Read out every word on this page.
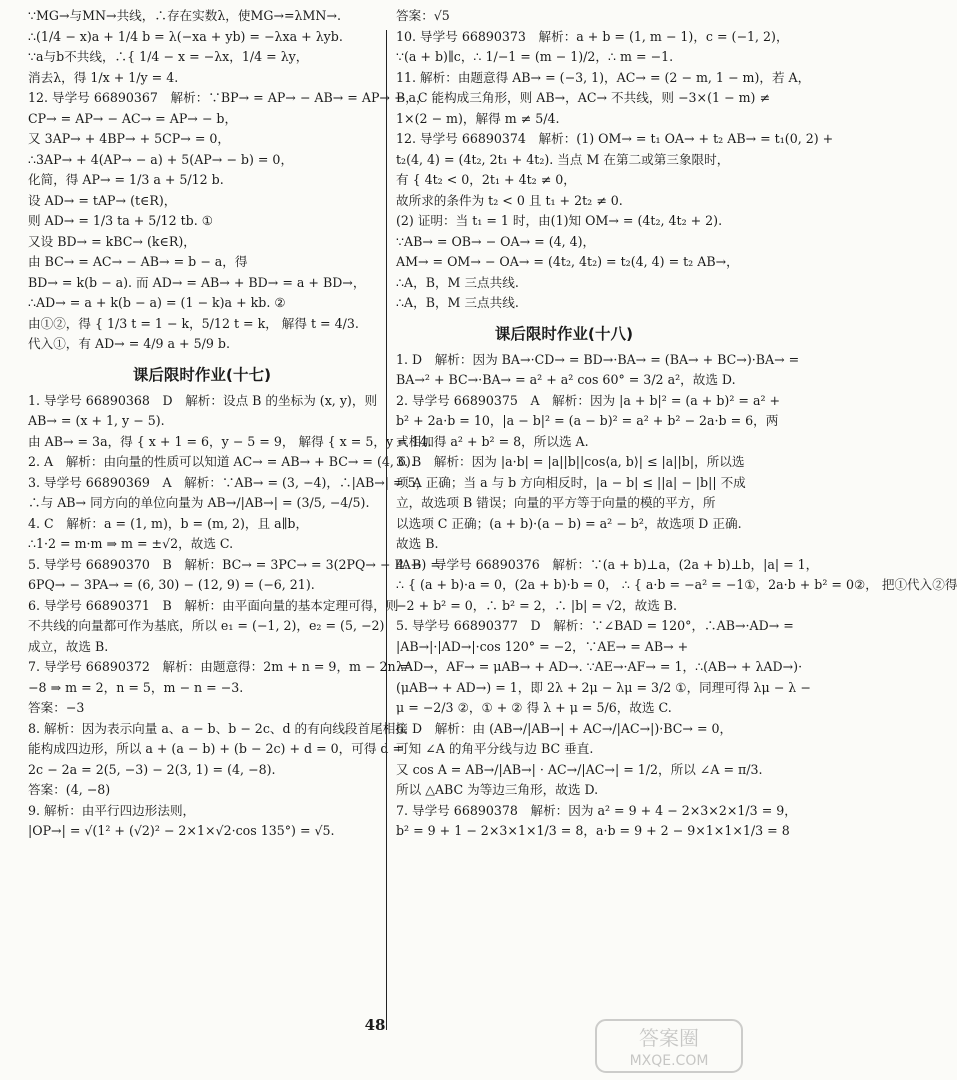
∵MG→与MN→共线，∴存在实数λ，使MG→=λMN→.
∴(1/4 − x)a + 1/4 b = λ(−xa + yb) = −λxa + λyb.
∵a与b不共线，∴{ 1/4 − x = −λx，1/4 = λy，
消去λ，得 1/x + 1/y = 4.
12. 导学号 66890367　解析：∵BP→ = AP→ − AB→ = AP→ − a，
CP→ = AP→ − AC→ = AP→ − b，
又 3AP→ + 4BP→ + 5CP→ = 0，
∴3AP→ + 4(AP→ − a) + 5(AP→ − b) = 0，
化简，得 AP→ = 1/3 a + 5/12 b.
设 AD→ = tAP→ (t∈R)，
则 AD→ = 1/3 ta + 5/12 tb. ①
又设 BD→ = kBC→ (k∈R)，
由 BC→ = AC→ − AB→ = b − a，得
BD→ = k(b − a). 而 AD→ = AB→ + BD→ = a + BD→，
∴AD→ = a + k(b − a) = (1 − k)a + kb. ②
由①②，得 { 1/3 t = 1 − k，5/12 t = k， 解得 t = 4/3.
代入①，有 AD→ = 4/9 a + 5/9 b.
课后限时作业(十七)
1. 导学号 66890368　D　解析：设点 B 的坐标为 (x, y)，则
AB→ = (x + 1, y − 5).
由 AB→ = 3a，得 { x + 1 = 6，y − 5 = 9， 解得 { x = 5，y = 14.
2. A　解析：由向量的性质可以知道 AC→ = AB→ + BC→ = (4, 6).
3. 导学号 66890369　A　解析：∵AB→ = (3, −4)，∴|AB→| = 5，
∴与 AB→ 同方向的单位向量为 AB→/|AB→| = (3/5, −4/5).
4. C　解析：a = (1, m)，b = (m, 2)，且 a∥b，
∴1·2 = m·m ⇒ m = ±√2，故选 C.
5. 导学号 66890370　B　解析：BC→ = 3PC→ = 3(2PQ→ − PA→) =
6PQ→ − 3PA→ = (6, 30) − (12, 9) = (−6, 21).
6. 导学号 66890371　B　解析：由平面向量的基本定理可得，则
不共线的向量都可作为基底，所以 e₁ = (−1, 2)，e₂ = (5, −2)
成立，故选 B.
7. 导学号 66890372　解析：由题意得：2m + n = 9，m − 2n =
−8 ⇒ m = 2，n = 5，m − n = −3.
答案：−3
8. 解析：因为表示向量 a、a − b、b − 2c、d 的有向线段首尾相接
能构成四边形，所以 a + (a − b) + (b − 2c) + d = 0，可得 d =
2c − 2a = 2(5, −3) − 2(3, 1) = (4, −8).
答案：(4, −8)
9. 解析：由平行四边形法则，
|OP→| = √(1² + (√2)² − 2×1×√2·cos 135°) = √5.
答案：√5
10. 导学号 66890373　解析：a + b = (1, m − 1)，c = (−1, 2)，
∵(a + b)∥c，∴ 1/−1 = (m − 1)/2，∴ m = −1.
11. 解析：由题意得 AB→ = (−3, 1)，AC→ = (2 − m, 1 − m)，若 A，
B，C 能构成三角形，则 AB→，AC→ 不共线，则 −3×(1 − m) ≠
1×(2 − m)，解得 m ≠ 5/4.
12. 导学号 66890374　解析：(1) OM→ = t₁ OA→ + t₂ AB→ = t₁(0, 2) +
t₂(4, 4) = (4t₂, 2t₁ + 4t₂). 当点 M 在第二或第三象限时，
有 { 4t₂ < 0，2t₁ + 4t₂ ≠ 0，
故所求的条件为 t₂ < 0 且 t₁ + 2t₂ ≠ 0.
(2) 证明：当 t₁ = 1 时，由(1)知 OM→ = (4t₂, 4t₂ + 2).
∵AB→ = OB→ − OA→ = (4, 4)，
AM→ = OM→ − OA→ = (4t₂, 4t₂) = t₂(4, 4) = t₂ AB→，
∴A，B，M 三点共线.
∴A，B，M 三点共线.
课后限时作业(十八)
1. D　解析：因为 BA→·CD→ = BD→·BA→ = (BA→ + BC→)·BA→ =
BA→² + BC→·BA→ = a² + a² cos 60° = 3/2 a²，故选 D.
2. 导学号 66890375　A　解析：因为 |a + b|² = (a + b)² = a² +
b² + 2a·b = 10，|a − b|² = (a − b)² = a² + b² − 2a·b = 6，两
式相加得 a² + b² = 8，所以选 A.
3. B　解析：因为 |a·b| = |a||b||cos⟨a, b⟩| ≤ |a||b|，所以选
项 A 正确；当 a 与 b 方向相反时，|a − b| ≤ ||a| − |b|| 不成
立，故选项 B 错误；向量的平方等于向量的模的平方，所
以选项 C 正确；(a + b)·(a − b) = a² − b²，故选项 D 正确.
故选 B.
4. B　导学号 66890376　解析：∵(a + b)⊥a，(2a + b)⊥b，|a| = 1，
∴ { (a + b)·a = 0，(2a + b)·b = 0， ∴ { a·b = −a² = −1①，2a·b + b² = 0②， 把①代入②得
−2 + b² = 0，∴ b² = 2，∴ |b| = √2，故选 B.
5. 导学号 66890377　D　解析：∵∠BAD = 120°，∴AB→·AD→ =
|AB→|·|AD→|·cos 120° = −2，∵AE→ = AB→ +
λAD→，AF→ = μAB→ + AD→. ∵AE→·AF→ = 1，∴(AB→ + λAD→)·
(μAB→ + AD→) = 1，即 2λ + 2μ − λμ = 3/2 ①，同理可得 λμ − λ −
μ = −2/3 ②，① + ② 得 λ + μ = 5/6，故选 C.
6. D　解析：由 (AB→/|AB→| + AC→/|AC→|)·BC→ = 0，
可知 ∠A 的角平分线与边 BC 垂直.
又 cos A = AB→/|AB→| · AC→/|AC→| = 1/2，所以 ∠A = π/3.
所以 △ABC 为等边三角形，故选 D.
7. 导学号 66890378　解析：因为 a² = 9 + 4 − 2×3×2×1/3 = 9，
b² = 9 + 1 − 2×3×1×1/3 = 8，a·b = 9 + 2 − 9×1×1×1/3 = 8
48
答案圈
MXQE.COM
